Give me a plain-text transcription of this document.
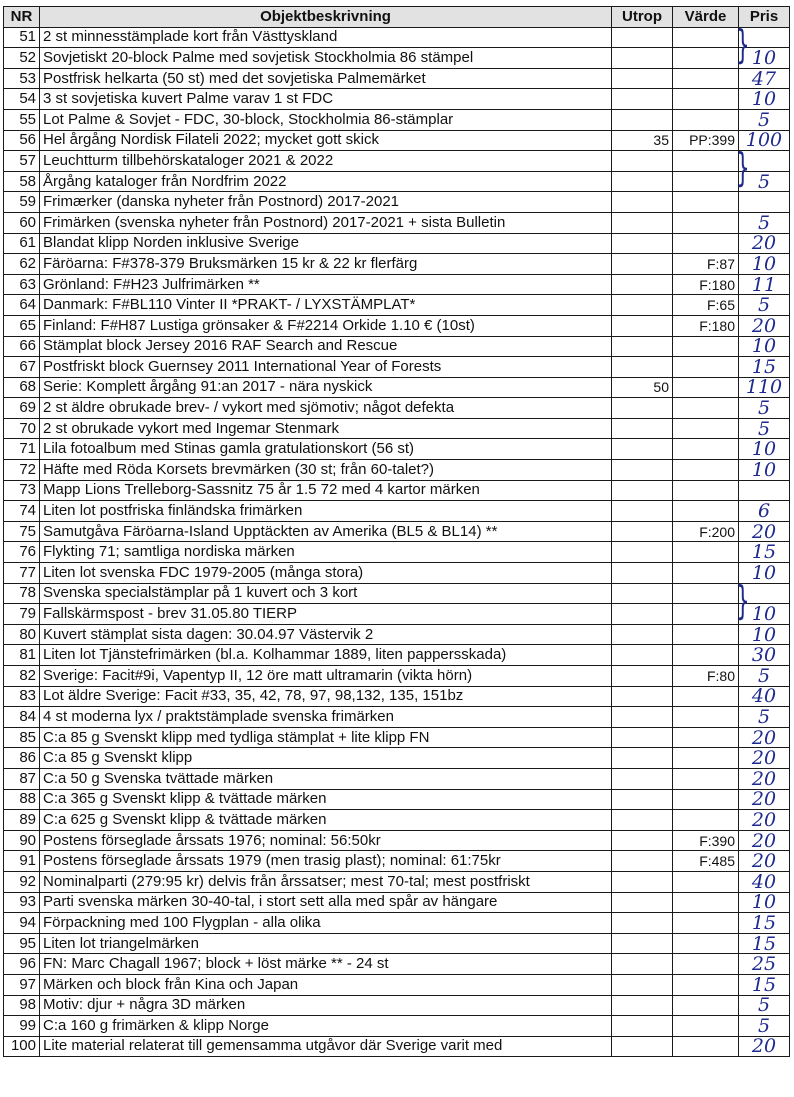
NR	Objektbeskrivning	Utrop	Värde	Pris
51	2 st minnesstämplade kort från Västtyskland			}

52	Sovjetiskt 20-block Palme med sovjetisk Stockholmia 86 stämpel			10
53	Postfrisk helkarta (50 st) med det sovjetiska Palmemärket			47
54	3 st sovjetiska kuvert Palme varav 1 st FDC			10
55	Lot Palme & Sovjet - FDC, 30-block, Stockholmia 86-stämplar			5
56	Hel årgång Nordisk Filateli 2022; mycket gott skick	35	PP:399	100
57	Leuchtturm tillbehörskataloger 2021 & 2022			}

58	Årgång kataloger från Nordfrim 2022			5
59	Frimærker (danska nyheter från Postnord) 2017-2021			
60	Frimärken (svenska nyheter från Postnord) 2017-2021 + sista Bulletin			5
61	Blandat klipp Norden inklusive Sverige			20
62	Färöarna: F#378-379 Bruksmärken 15 kr & 22 kr flerfärg		F:87	10
63	Grönland: F#H23 Julfrimärken **		F:180	11
64	Danmark: F#BL110 Vinter II *PRAKT- / LYXSTÄMPLAT*		F:65	5
65	Finland: F#H87 Lustiga grönsaker & F#2214 Orkide 1.10 € (10st)		F:180	20
66	Stämplat block Jersey 2016 RAF Search and Rescue			10
67	Postfriskt block Guernsey 2011 International Year of Forests			15
68	Serie: Komplett årgång 91:an 2017 - nära nyskick	50		110
69	2 st äldre obrukade brev- / vykort med sjömotiv; något defekta			5
70	2 st obrukade vykort med Ingemar Stenmark			5
71	Lila fotoalbum med Stinas gamla gratulationskort (56 st)			10
72	Häfte med Röda Korsets brevmärken (30 st; från 60-talet?)			10
73	Mapp Lions Trelleborg-Sassnitz 75 år 1.5 72 med 4 kartor märken			
74	Liten lot postfriska finländska frimärken			6
75	Samutgåva Färöarna-Island Upptäckten av Amerika (BL5 & BL14) **		F:200	20
76	Flykting 71; samtliga nordiska märken			15
77	Liten lot svenska FDC 1979-2005 (många stora)			10
78	Svenska specialstämplar på 1 kuvert och 3 kort			}

79	Fallskärmspost - brev 31.05.80 TIERP			10
80	Kuvert stämplat sista dagen: 30.04.97 Västervik 2			10
81	Liten lot Tjänstefrimärken (bl.a. Kolhammar 1889, liten pappersskada)			30
82	Sverige: Facit#9i, Vapentyp II, 12 öre matt ultramarin (vikta hörn)		F:80	5
83	Lot äldre Sverige: Facit #33, 35, 42, 78, 97, 98,132, 135, 151bz			40
84	4 st moderna lyx / praktstämplade svenska frimärken			5
85	C:a 85 g Svenskt klipp med tydliga stämplat + lite klipp FN			20
86	C:a 85 g Svenskt klipp			20
87	C:a 50 g Svenska tvättade märken			20
88	C:a 365 g Svenskt klipp & tvättade märken			20
89	C:a 625 g Svenskt klipp & tvättade märken			20
90	Postens förseglade årssats 1976; nominal: 56:50kr		F:390	20
91	Postens förseglade årssats 1979 (men trasig plast); nominal: 61:75kr		F:485	20
92	Nominalparti (279:95 kr) delvis från årssatser; mest 70-tal; mest postfriskt			40
93	Parti svenska märken 30-40-tal, i stort sett alla med spår av hängare			10
94	Förpackning med 100 Flygplan - alla olika			15
95	Liten lot triangelmärken			15
96	FN: Marc Chagall 1967; block + löst märke ** - 24 st			25
97	Märken och block från Kina och Japan			15
98	Motiv: djur + några 3D märken			5
99	C:a 160 g frimärken & klipp Norge			5
100	Lite material relaterat till gemensamma utgåvor där Sverige varit med			20
